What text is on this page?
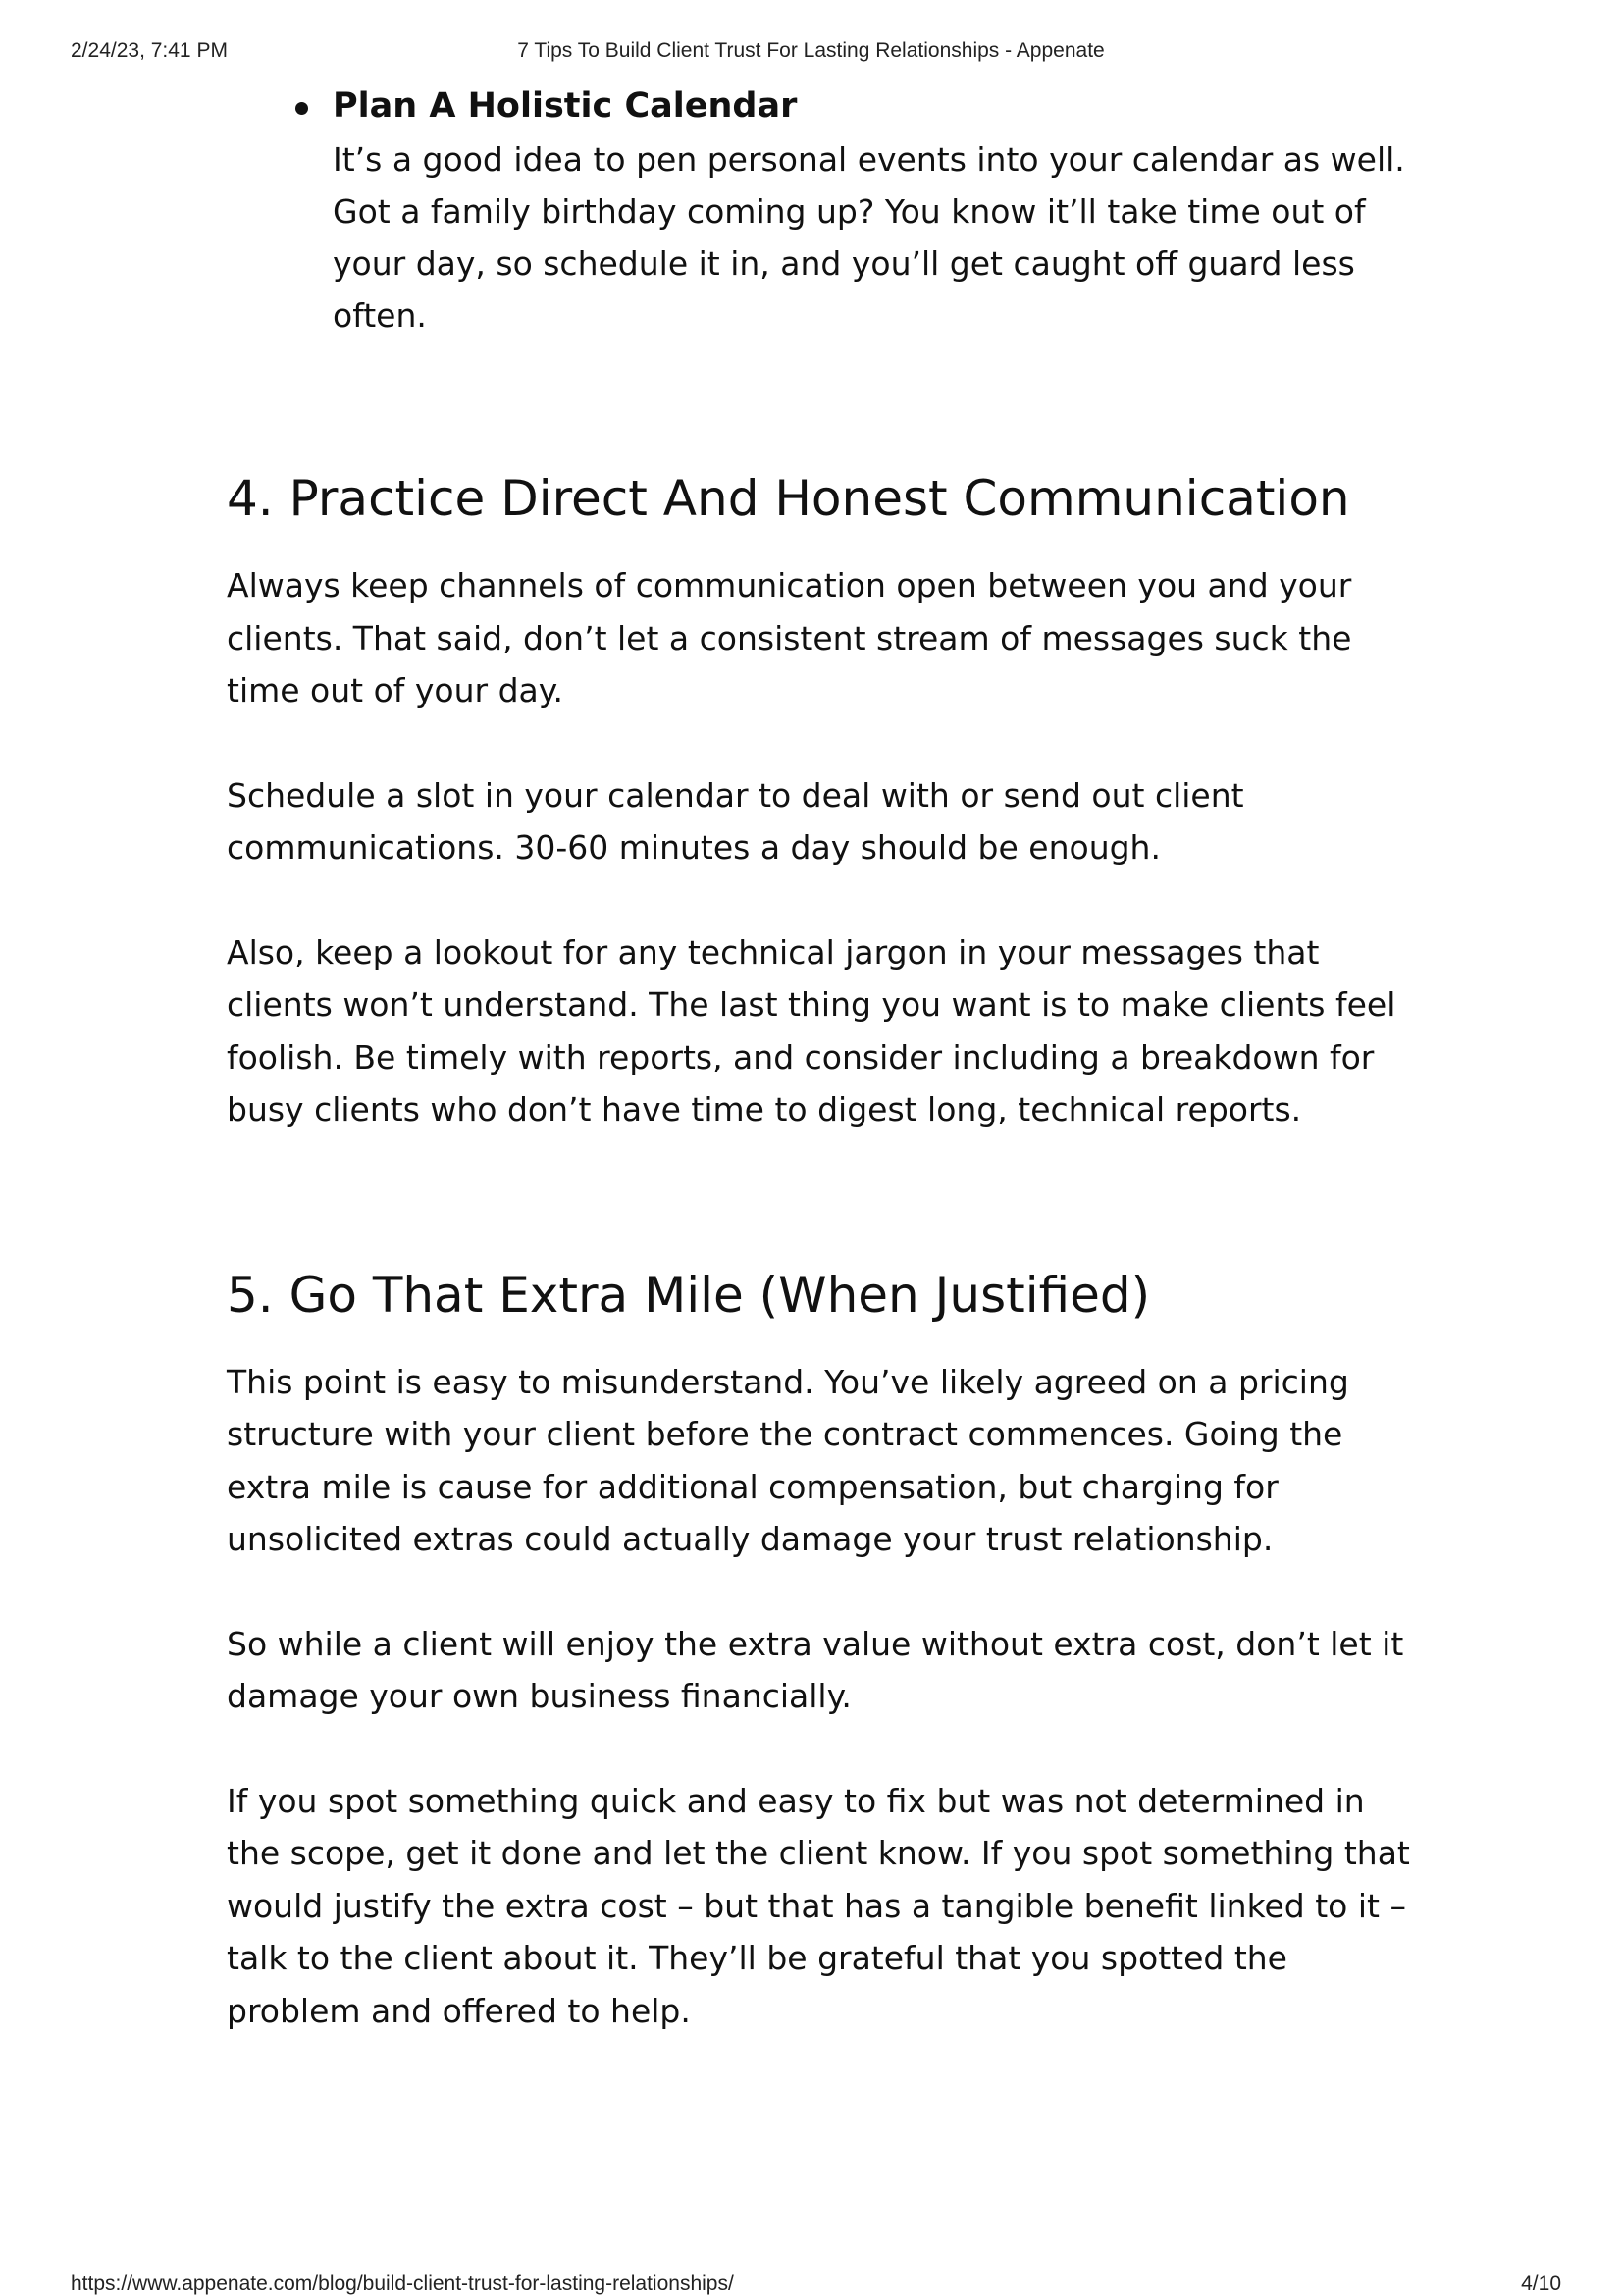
2/24/23, 7:41 PM	7 Tips To Build Client Trust For Lasting Relationships - Appenate
Plan A Holistic Calendar
It’s a good idea to pen personal events into your calendar as well. Got a family birthday coming up? You know it’ll take time out of your day, so schedule it in, and you’ll get caught off guard less often.
4. Practice Direct And Honest Communication

Always keep channels of communication open between you and your clients. That said, don’t let a consistent stream of messages suck the time out of your day.

Schedule a slot in your calendar to deal with or send out client communications. 30-60 minutes a day should be enough.

Also, keep a lookout for any technical jargon in your messages that clients won’t understand. The last thing you want is to make clients feel foolish. Be timely with reports, and consider including a breakdown for busy clients who don’t have time to digest long, technical reports.

5. Go That Extra Mile (When Justified)

This point is easy to misunderstand. You’ve likely agreed on a pricing structure with your client before the contract commences. Going the extra mile is cause for additional compensation, but charging for unsolicited extras could actually damage your trust relationship.

So while a client will enjoy the extra value without extra cost, don’t let it damage your own business financially.

If you spot something quick and easy to fix but was not determined in the scope, get it done and let the client know. If you spot something that would justify the extra cost – but that has a tangible benefit linked to it – talk to the client about it. They’ll be grateful that you spotted the problem and offered to help.

https://www.appenate.com/blog/build-client-trust-for-lasting-relationships/	4/10
